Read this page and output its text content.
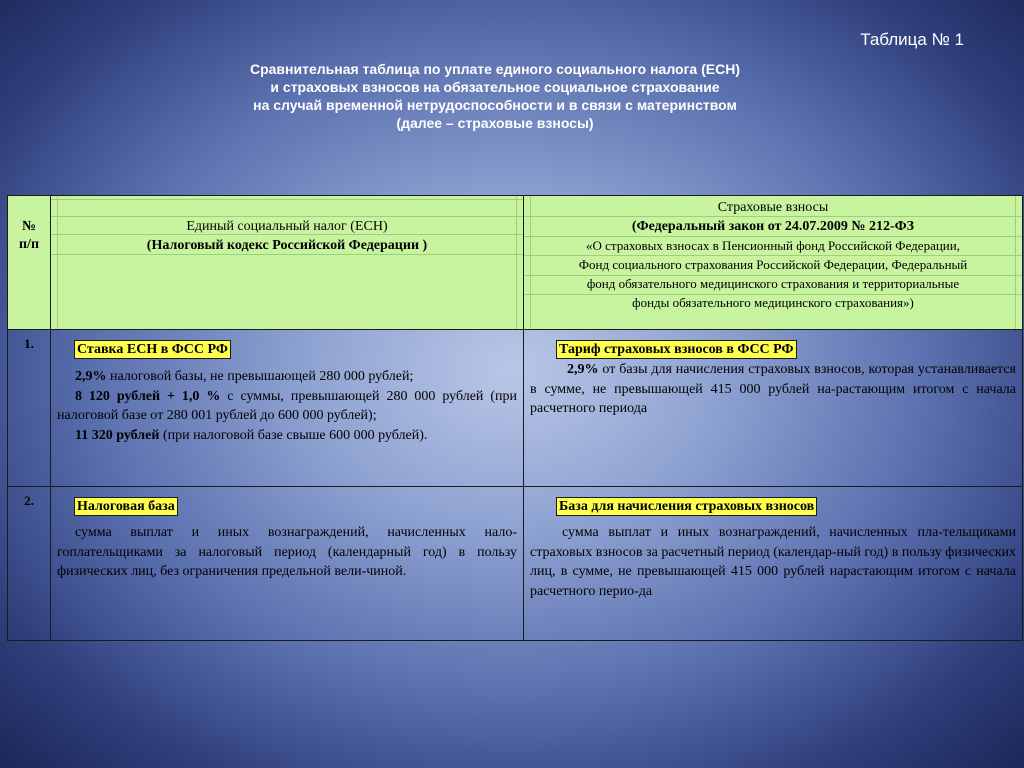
Таблица № 1
Сравнительная таблица по уплате единого социального налога (ЕСН)
и страховых взносов на обязательное социальное страхование
на случай временной нетрудоспособности и в связи с материнством
(далее – страховые взносы)
№
п/п
Единый социальный налог (ЕСН)
(Налоговый кодекс Российской Федерации )
Страховые взносы
(Федеральный закон от 24.07.2009 № 212-ФЗ
«О страховых взносах в Пенсионный фонд Российской Федерации,
Фонд социального страхования Российской Федерации, Федеральный
фонд обязательного медицинского страхования и территориальные
фонды обязательного медицинского страхования»)
1.	Ставка ЕСН в ФСС РФ
2,9% налоговой базы, не превышающей 280 000 рублей;
8 120 рублей + 1,0 % с суммы, превышающей 280 000 рублей (при налоговой базе от 280 001 рублей до 600 000 рублей);
11 320 рублей (при налоговой базе свыше 600 000 рублей).
Тариф страховых взносов в ФСС РФ
2,9% от базы для начисления страховых взносов, которая устанавливается в сумме, не превышающей 415 000 рублей на-растающим итогом с начала расчетного периода
2.	Налоговая база
сумма выплат и иных вознаграждений, начисленных нало-гоплательщиками за налоговый период (календарный год) в пользу физических лиц, без ограничения предельной вели-чиной.
База для начисления страховых взносов
сумма выплат и иных вознаграждений, начисленных пла-тельщиками страховых взносов за расчетный период (календар-ный год) в пользу физических лиц, в сумме, не превышающей 415 000 рублей нарастающим итогом с начала расчетного перио-да
